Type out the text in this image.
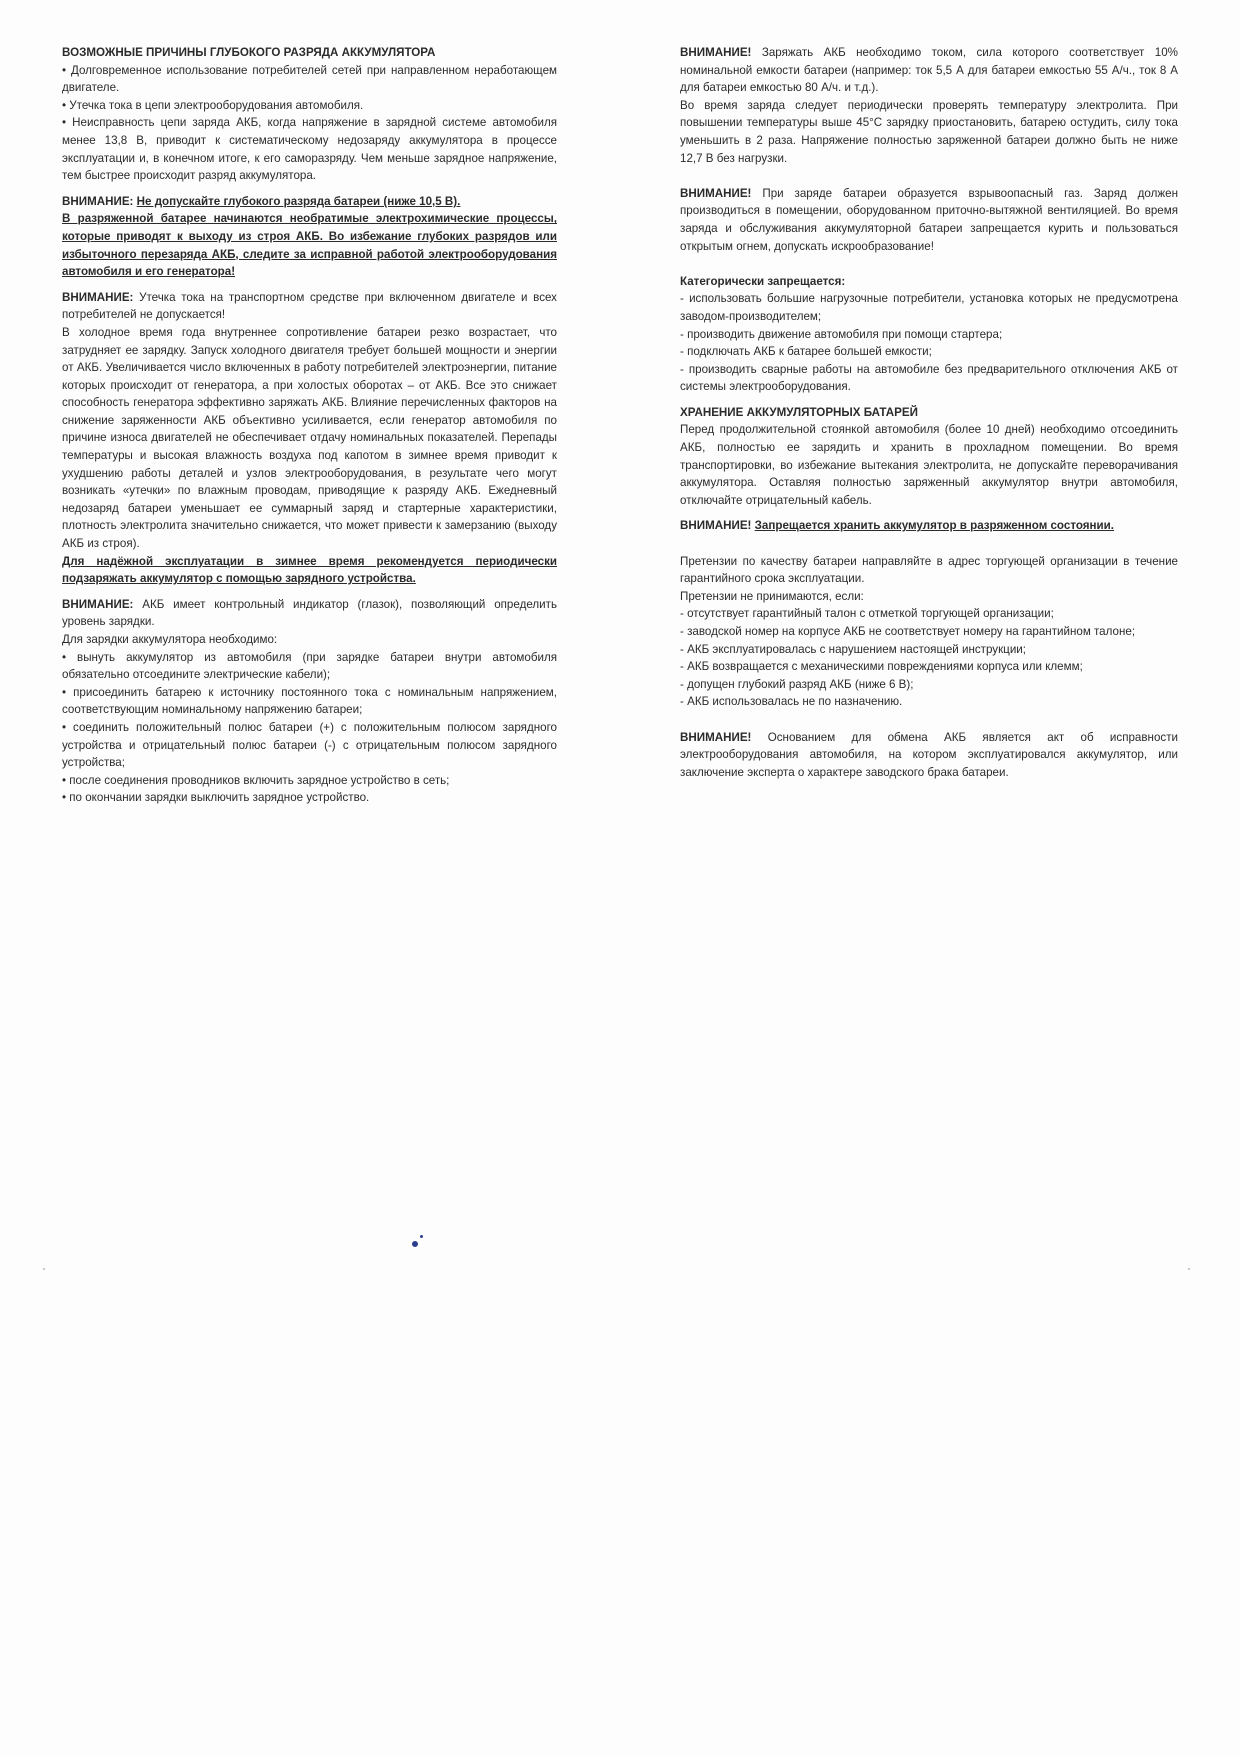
ВОЗМОЖНЫЕ ПРИЧИНЫ ГЛУБОКОГО РАЗРЯДА АККУМУЛЯТОРА

• Долговременное использование потребителей сетей при направленном неработающем двигателе.

• Утечка тока в цепи электрооборудования автомобиля.

• Неисправность цепи заряда АКБ, когда напряжение в зарядной системе автомобиля менее 13,8 В, приводит к систематическому недозаряду аккумулятора в процессе эксплуатации и, в конечном итоге, к его саморазряду. Чем меньше зарядное напряжение, тем быстрее происходит разряд аккумулятора.

ВНИМАНИЕ: Не допускайте глубокого разряда батареи (ниже 10,5 В).

В разряженной батарее начинаются необратимые электрохимические процессы, которые приводят к выходу из строя АКБ. Во избежание глубоких разрядов или избыточного перезаряда АКБ, следите за исправной работой электрооборудования автомобиля и его генератора!

ВНИМАНИЕ: Утечка тока на транспортном средстве при включенном двигателе и всех потребителей не допускается!

В холодное время года внутреннее сопротивление батареи резко возрастает, что затрудняет ее зарядку. Запуск холодного двигателя требует большей мощности и энергии от АКБ. Увеличивается число включенных в работу потребителей электроэнергии, питание которых происходит от генератора, а при холостых оборотах – от АКБ. Все это снижает способность генератора эффективно заряжать АКБ. Влияние перечисленных факторов на снижение заряженности АКБ объективно усиливается, если генератор автомобиля по причине износа двигателей не обеспечивает отдачу номинальных показателей. Перепады температуры и высокая влажность воздуха под капотом в зимнее время приводит к ухудшению работы деталей и узлов электрооборудования, в результате чего могут возникать «утечки» по влажным проводам, приводящие к разряду АКБ. Ежедневный недозаряд батареи уменьшает ее суммарный заряд и стартерные характеристики, плотность электролита значительно снижается, что может привести к замерзанию (выходу АКБ из строя).

Для надёжной эксплуатации в зимнее время рекомендуется периодически подзаряжать аккумулятор с помощью зарядного устройства.

ВНИМАНИЕ: АКБ имеет контрольный индикатор (глазок), позволяющий определить уровень зарядки.

Для зарядки аккумулятора необходимо:

• вынуть аккумулятор из автомобиля (при зарядке батареи внутри автомобиля обязательно отсоедините электрические кабели);

• присоединить батарею к источнику постоянного тока с номинальным напряжением, соответствующим номинальному напряжению батареи;

• соединить положительный полюс батареи (+) с положительным полюсом зарядного устройства и отрицательный полюс батареи (-) с отрицательным полюсом зарядного устройства;

• после соединения проводников включить зарядное устройство в сеть;

• по окончании зарядки выключить зарядное устройство.

ВНИМАНИЕ! Заряжать АКБ необходимо током, сила которого соответствует 10% номинальной емкости батареи (например: ток 5,5 А для батареи емкостью 55 А/ч., ток 8 А для батареи емкостью 80 А/ч. и т.д.).

Во время заряда следует периодически проверять температуру электролита. При повышении температуры выше 45°С зарядку приостановить, батарею остудить, силу тока уменьшить в 2 раза. Напряжение полностью заряженной батареи должно быть не ниже 12,7 В без нагрузки.

ВНИМАНИЕ! При заряде батареи образуется взрывоопасный газ. Заряд должен производиться в помещении, оборудованном приточно-вытяжной вентиляцией. Во время заряда и обслуживания аккумуляторной батареи запрещается курить и пользоваться открытым огнем, допускать искрообразование!

Категорически запрещается:

- использовать большие нагрузочные потребители, установка которых не предусмотрена заводом-производителем;

- производить движение автомобиля при помощи стартера;

- подключать АКБ к батарее большей емкости;

- производить сварные работы на автомобиле без предварительного отключения АКБ от системы электрооборудования.

ХРАНЕНИЕ АККУМУЛЯТОРНЫХ БАТАРЕЙ

Перед продолжительной стоянкой автомобиля (более 10 дней) необходимо отсоединить АКБ, полностью ее зарядить и хранить в прохладном помещении. Во время транспортировки, во избежание вытекания электролита, не допускайте переворачивания аккумулятора. Оставляя полностью заряженный аккумулятор внутри автомобиля, отключайте отрицательный кабель.

ВНИМАНИЕ! Запрещается хранить аккумулятор в разряженном состоянии.

Претензии по качеству батареи направляйте в адрес торгующей организации в течение гарантийного срока эксплуатации.

Претензии не принимаются, если:

- отсутствует гарантийный талон с отметкой торгующей организации;

- заводской номер на корпусе АКБ не соответствует номеру на гарантийном талоне;

- АКБ эксплуатировалась с нарушением настоящей инструкции;

- АКБ возвращается с механическими повреждениями корпуса или клемм;

- допущен глубокий разряд АКБ (ниже 6 В);

- АКБ использовалась не по назначению.

ВНИМАНИЕ! Основанием для обмена АКБ является акт об исправности электрооборудования автомобиля, на котором эксплуатировался аккумулятор, или заключение эксперта о характере заводского брака батареи.
